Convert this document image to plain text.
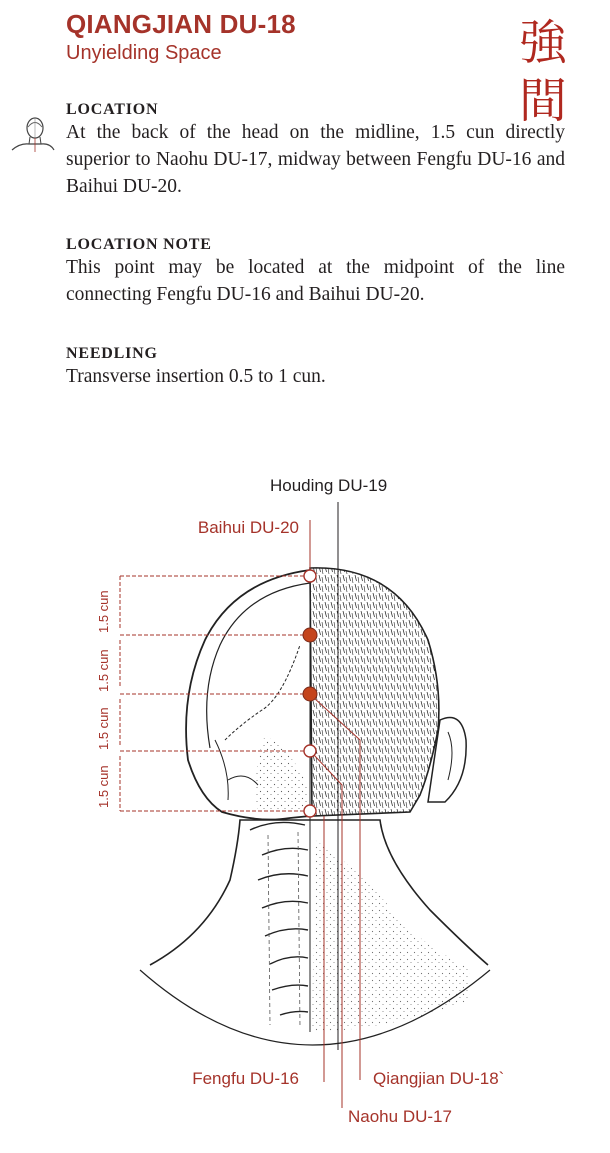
QIANGJIAN DU-18
Unyielding Space	強
間
LOCATION

At the back of the head on the midline, 1.5 cun directly superior to Naohu DU-17, midway between Fengfu DU-16 and Baihui DU-20.

LOCATION NOTE

This point may be located at the midpoint of the line connecting Fengfu DU-16 and Baihui DU-20.

NEEDLING

Transverse insertion 0.5 to 1 cun.

1.5 cun
1.5 cun
1.5 cun
1.5 cun
Houding DU-19
Baihui DU-20
Fengfu DU-16	Qiangjian DU-18`
Naohu DU-17
